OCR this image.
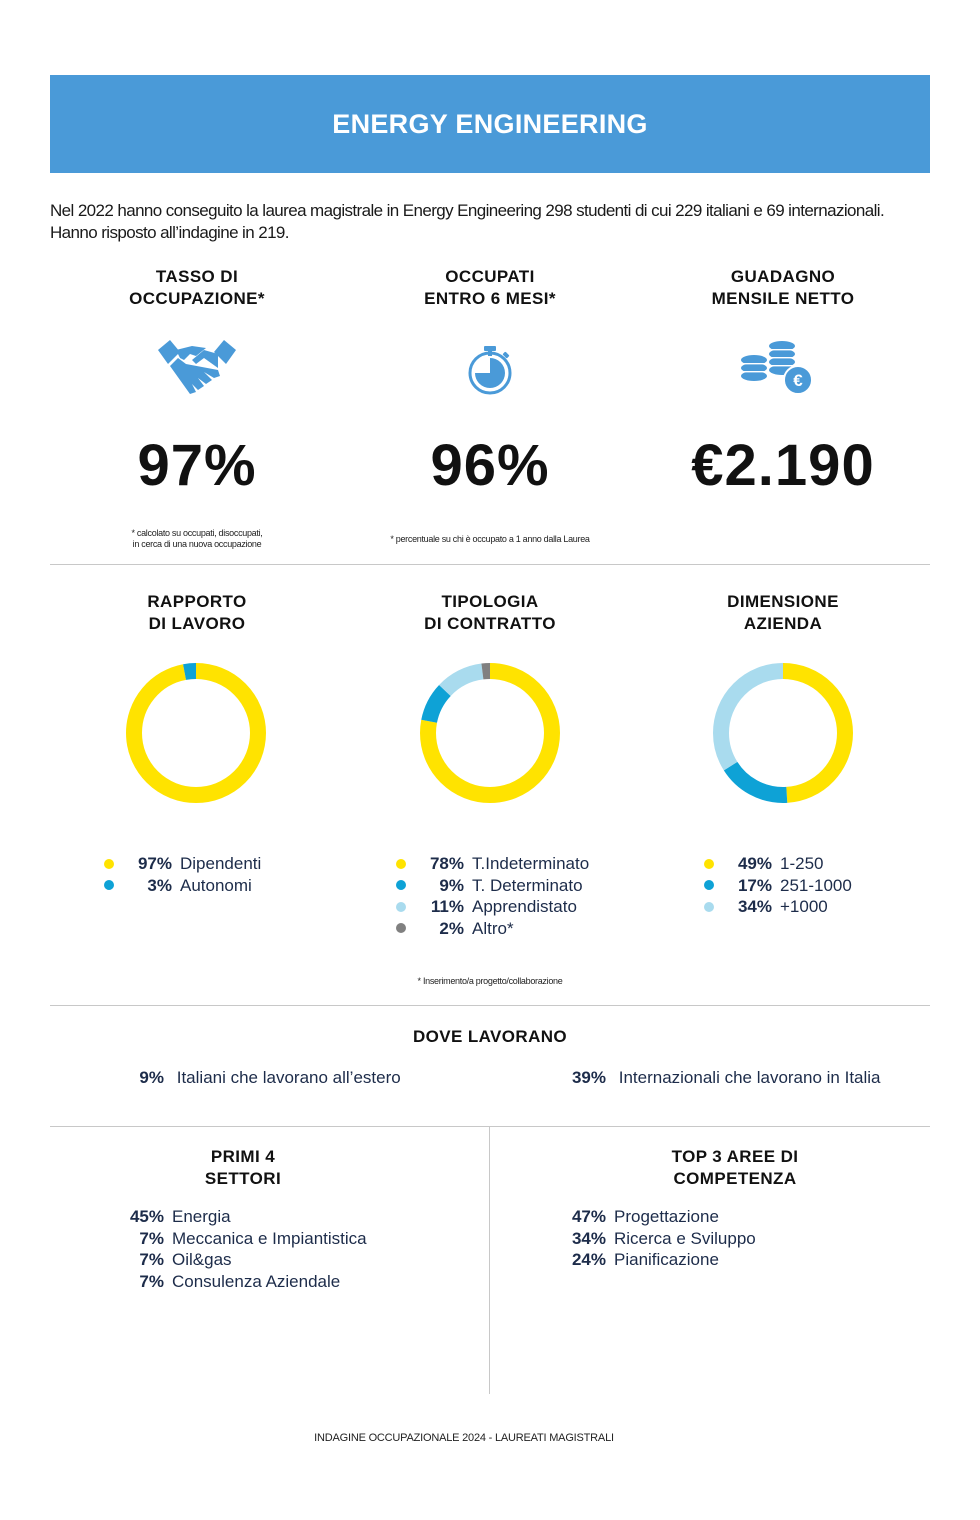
ENERGY ENGINEERING
Nel 2022 hanno conseguito la laurea magistrale in Energy Engineering 298 studenti di cui 229 italiani e 69 internazionali.
Hanno risposto all’indagine in 219.
TASSO DI
OCCUPAZIONE*
OCCUPATI
ENTRO 6 MESI*
GUADAGNO
MENSILE NETTO
€
97%	96%	€2.190
* calcolato su occupati, disoccupati,
in cerca di una nuova occupazione	* percentuale su chi è occupato a 1 anno dalla Laurea
RAPPORTO
DI LAVORO
TIPOLOGIA
DI CONTRATTO
DIMENSIONE
AZIENDA
97% Dipendenti
3% Autonomi
78% T.Indeterminato
9% T. Determinato
11% Apprendistato
2% Altro*
49% 1-250
17% 251-1000
34% +1000
* Inserimento/a progetto/collaborazione
DOVE LAVORANO
9% Italiani che lavorano all’estero	39% Internazionali che lavorano in Italia
PRIMI 4
SETTORI
45% Energia
7% Meccanica e Impiantistica
7% Oil&gas
7% Consulenza Aziendale
TOP 3 AREE DI
COMPETENZA
47% Progettazione
34% Ricerca e Sviluppo
24% Pianificazione
INDAGINE OCCUPAZIONALE 2024 - LAUREATI MAGISTRALI
